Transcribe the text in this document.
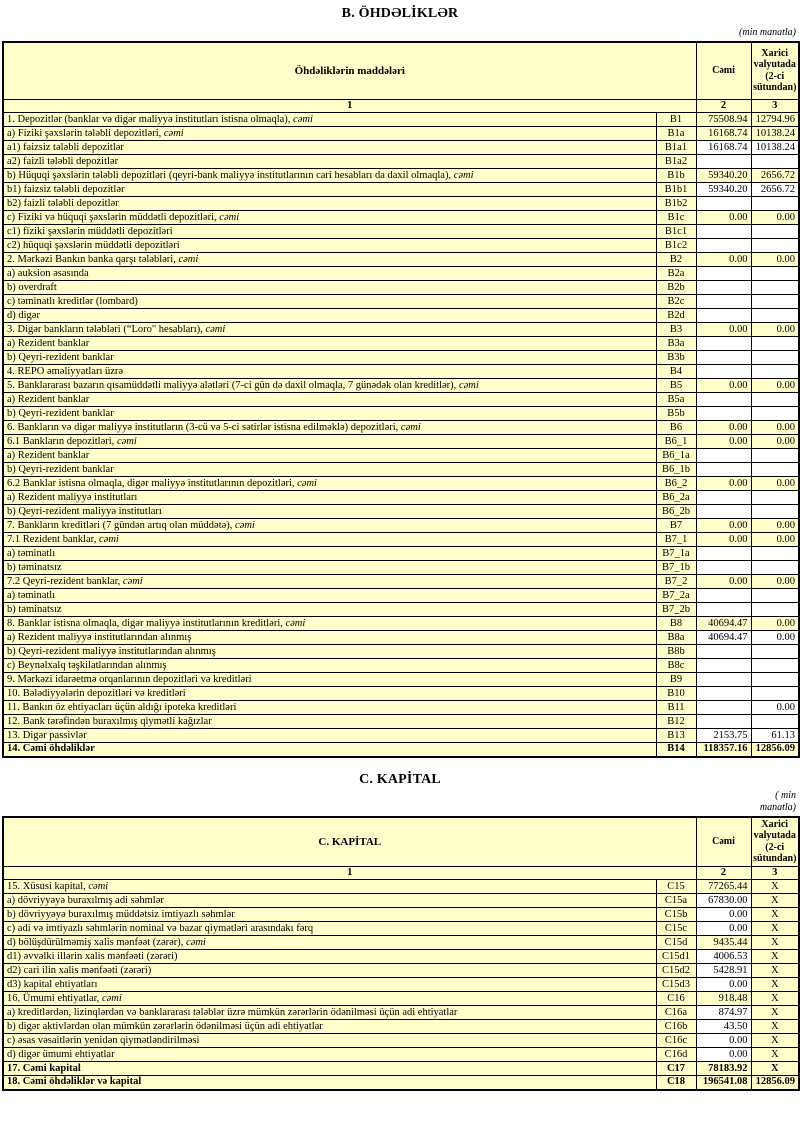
B. ÖHDƏLİKLƏR
(min manatla)
Öhdəliklərin maddələri		Cəmi	Xarici valyutada (2-ci sütundan)
1		2	3
1. Depozitlər (banklar və digər maliyyə institutları istisna olmaqla), cəmi	B1	75508.94	12794.96
a) Fiziki şəxslərin tələbli depozitləri, cəmi	B1a	16168.74	10138.24
a1) faizsiz tələbli depozitlər	B1a1	16168.74	10138.24
a2) faizli tələbli depozitlər	B1a2		
b) Hüquqi şəxslərin tələbli depozitləri (qeyri-bank maliyyə institutlarının cari hesabları da daxil olmaqla), cəmi	B1b	59340.20	2656.72
b1) faizsiz tələbli depozitlər	B1b1	59340.20	2656.72
b2) faizli tələbli depozitlər	B1b2		
c) Fiziki və hüquqi şəxslərin müddətli depozitləri, cəmi	B1c	0.00	0.00
c1) fiziki şəxslərin müddətli depozitləri	B1c1		
c2) hüquqi şəxslərin müddətli depozitləri	B1c2		
2. Mərkəzi Bankın banka qarşı tələbləri, cəmi	B2	0.00	0.00
a) auksion əsasında	B2a		
b) overdraft	B2b		
c) təminatlı kreditlər (lombard)	B2c		
d) digər	B2d		
3. Digər bankların tələbləri (“Loro" hesabları), cəmi	B3	0.00	0.00
a) Rezident banklar	B3a		
b) Qeyri-rezident banklar	B3b		
4. REPO əməliyyatları üzrə	B4		
5. Banklararası bazarın qısamüddətli maliyyə alətləri (7-ci gün də daxil olmaqla, 7 günədək olan kreditlər), cəmi	B5	0.00	0.00
a) Rezident banklar	B5a		
b) Qeyri-rezident banklar	B5b		
6. Bankların və digər maliyyə institutların (3-cü və 5-ci sətirlər istisna edilməklə) depozitləri, cəmi	B6	0.00	0.00
6.1 Bankların depozitləri, cəmi	B6_1	0.00	0.00
a) Rezident banklar	B6_1a		
b) Qeyri-rezident banklar	B6_1b		
6.2 Banklar istisna olmaqla, digər maliyyə institutlarının depozitləri, cəmi	B6_2	0.00	0.00
a) Rezident maliyyə institutları	B6_2a		
b) Qeyri-rezident maliyyə institutları	B6_2b		
7. Bankların kreditləri (7 gündən artıq olan müddətə), cəmi	B7	0.00	0.00
7.1 Rezident banklar, cəmi	B7_1	0.00	0.00
a) təminatlı	B7_1a		
b) təminatsız	B7_1b		
7.2 Qeyri-rezident banklar, cəmi	B7_2	0.00	0.00
a) təminatlı	B7_2a		
b) təminatsız	B7_2b		
8. Banklar istisna olmaqla, digər maliyyə institutlarının kreditləri, cəmi	B8	40694.47	0.00
a) Rezident maliyyə institutlarından alınmış	B8a	40694.47	0.00
b) Qeyri-rezident maliyyə institutlarından alınmış	B8b		
c) Beynəlxalq təşkilatlarından alınmış	B8c		
9. Mərkəzi idarəetmə orqanlarının depozitləri və kreditləri	B9		
10. Bələdiyyələrin depozitləri və kreditləri	B10		
11. Bankın öz ehtiyacları üçün aldığı ipoteka kreditləri	B11		0.00
12. Bank tərəfindən buraxılmış qiymətli kağızlar	B12		
13. Digər passivlər	B13	2153.75	61.13
14. Cəmi öhdəliklər	B14	118357.16	12856.09
C. KAPİTAL
( min
manatla)
C. KAPİTAL		Cəmi	Xarici valyutada (2-ci sütundan)
1		2	3
15. Xüsusi kapital, cəmi	C15	77265.44	X
a) dövriyyəyə buraxılmış adi səhmlər	C15a	67830.00	X
b) dövriyyəyə buraxılmış müddətsiz imtiyazlı səhmlər	C15b	0.00	X
c) adi və imtiyazlı səhmlərin nominal və bazar qiymətləri arasındakı fərq	C15c	0.00	X
d) bölüşdürülməmiş xalis mənfəət (zərər), cəmi	C15d	9435.44	X
d1) əvvəlki illərin xalis mənfəəti (zərəri)	C15d1	4006.53	X
d2) cari ilin xalis mənfəəti (zərəri)	C15d2	5428.91	X
d3) kapital ehtiyatları	C15d3	0.00	X
16. Ümumi ehtiyatlar, cəmi	C16	918.48	X
a) kreditlərdən, lizinqlərdən və banklararası tələblər üzrə mümkün zərərlərin ödənilməsi üçün adi ehtiyatlar	C16a	874.97	X
b) digər aktivlərdən olan mümkün zərərlərin ödənilməsi üçün adi ehtiyatlar	C16b	43.50	X
c) əsas vəsaitlərin yenidən qiymətləndirilməsi	C16c	0.00	X
d) digər ümumi ehtiyatlar	C16d	0.00	X
17. Cəmi kapital	C17	78183.92	X
18. Cəmi öhdəliklər və kapital	C18	196541.08	12856.09
